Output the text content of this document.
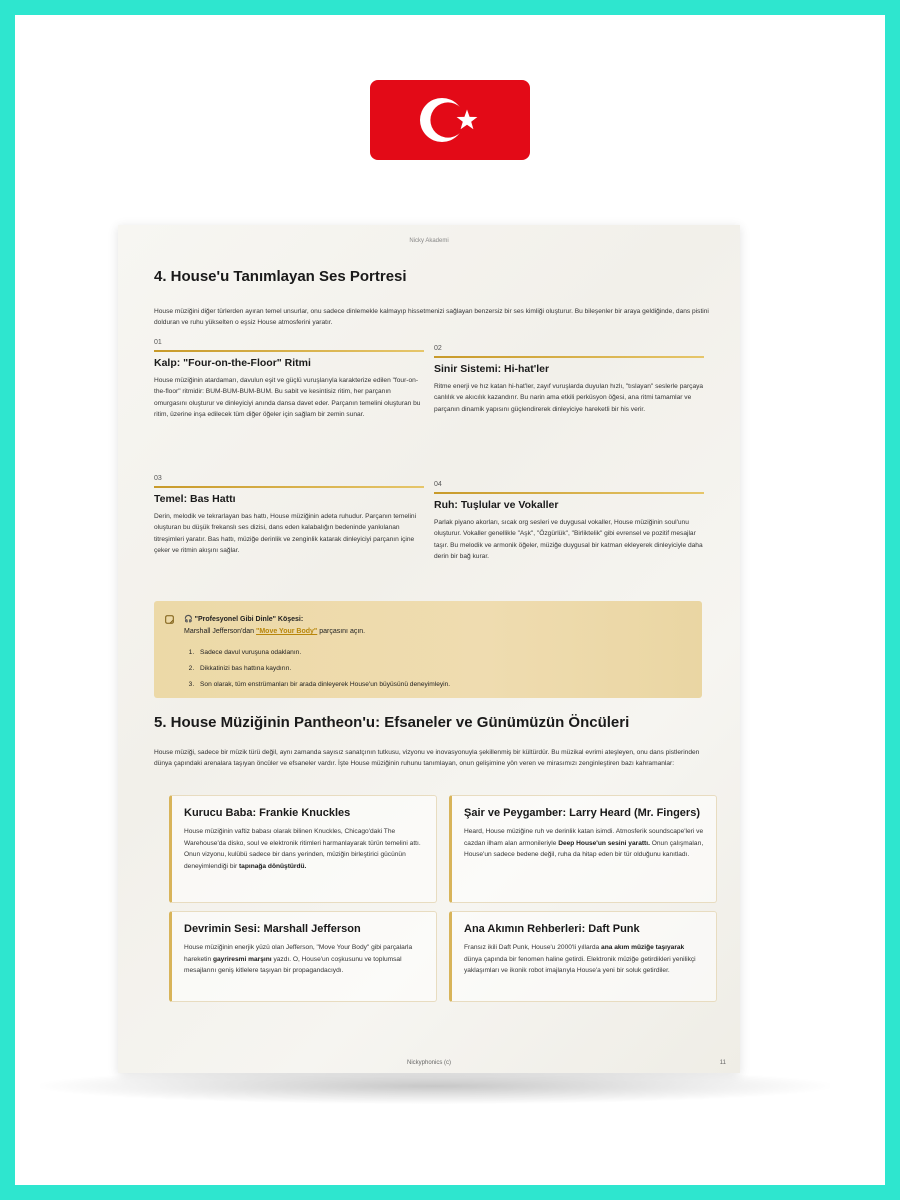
Nicky Akademi
4. House'u Tanımlayan Ses Portresi

House müziğini diğer türlerden ayıran temel unsurlar, onu sadece dinlemekle kalmayıp hissetmenizi sağlayan benzersiz bir ses kimliği oluşturur. Bu bileşenler bir araya geldiğinde, dans pistini dolduran ve ruhu yükselten o eşsiz House atmosferini yaratır.

01
Kalp: "Four-on-the-Floor" Ritmi

House müziğinin atardamarı, davulun eşit ve güçlü vuruşlarıyla karakterize edilen "four-on-the-floor" ritmidir: BUM-BUM-BUM-BUM. Bu sabit ve kesintisiz ritim, her parçanın omurgasını oluşturur ve dinleyiciyi anında dansa davet eder. Parçanın temelini oluşturan bu ritim, üzerine inşa edilecek tüm diğer öğeler için sağlam bir zemin sunar.

02
Sinir Sistemi: Hi-hat'ler

Ritme enerji ve hız katan hi-hat'ler, zayıf vuruşlarda duyulan hızlı, "tıslayan" seslerle parçaya canlılık ve akıcılık kazandırır. Bu narin ama etkili perküsyon öğesi, ana ritmi tamamlar ve parçanın dinamik yapısını güçlendirerek dinleyiciye hareketli bir his verir.

03
Temel: Bas Hattı

Derin, melodik ve tekrarlayan bas hattı, House müziğinin adeta ruhudur. Parçanın temelini oluşturan bu düşük frekanslı ses dizisi, dans eden kalabalığın bedeninde yankılanan titreşimleri yaratır. Bas hattı, müziğe derinlik ve zenginlik katarak dinleyiciyi parçanın içine çeker ve ritmin akışını sağlar.

04
Ruh: Tuşlular ve Vokaller

Parlak piyano akorları, sıcak org sesleri ve duygusal vokaller, House müziğinin soul'unu oluşturur. Vokaller genellikle "Aşk", "Özgürlük", "Birliktelik" gibi evrensel ve pozitif mesajlar taşır. Bu melodik ve armonik öğeler, müziğe duygusal bir katman ekleyerek dinleyiciyle daha derin bir bağ kurar.

🎧 "Profesyonel Gibi Dinle" Köşesi:
Marshall Jefferson'dan "Move Your Body" parçasını açın.
1. Sadece davul vuruşuna odaklanın.
2. Dikkatinizi bas hattına kaydırın.
3. Son olarak, tüm enstrümanları bir arada dinleyerek House'un büyüsünü deneyimleyin.
5. House Müziğinin Pantheon'u: Efsaneler ve Günümüzün Öncüleri

House müziği, sadece bir müzik türü değil, aynı zamanda sayısız sanatçının tutkusu, vizyonu ve inovasyonuyla şekillenmiş bir kültürdür. Bu müzikal evrimi ateşleyen, onu dans pistlerinden dünya çapındaki arenalara taşıyan öncüler ve efsaneler vardır. İşte House müziğinin ruhunu tanımlayan, onun gelişimine yön veren ve mirasımızı zenginleştiren bazı kahramanlar:

Kurucu Baba: Frankie Knuckles

House müziğinin vaftiz babası olarak bilinen Knuckles, Chicago'daki The Warehouse'da disko, soul ve elektronik ritimleri harmanlayarak türün temelini attı. Onun vizyonu, kulübü sadece bir dans yerinden, müziğin birleştirici gücünün deneyimlendiği bir tapınağa dönüştürdü.

Şair ve Peygamber: Larry Heard (Mr. Fingers)

Heard, House müziğine ruh ve derinlik katan isimdi. Atmosferik soundscape'leri ve cazdan ilham alan armonileriyle Deep House'un sesini yarattı. Onun çalışmaları, House'un sadece bedene değil, ruha da hitap eden bir tür olduğunu kanıtladı.

Devrimin Sesi: Marshall Jefferson

House müziğinin enerjik yüzü olan Jefferson, "Move Your Body" gibi parçalarla hareketin gayriresmi marşını yazdı. O, House'un coşkusunu ve toplumsal mesajlarını geniş kitlelere taşıyan bir propagandacıydı.

Ana Akımın Rehberleri: Daft Punk

Fransız ikili Daft Punk, House'u 2000'li yıllarda ana akım müziğe taşıyarak dünya çapında bir fenomen haline getirdi. Elektronik müziğe getirdikleri yenilikçi yaklaşımları ve ikonik robot imajlarıyla House'a yeni bir soluk getirdiler.

Nickyphonics (c)	11
